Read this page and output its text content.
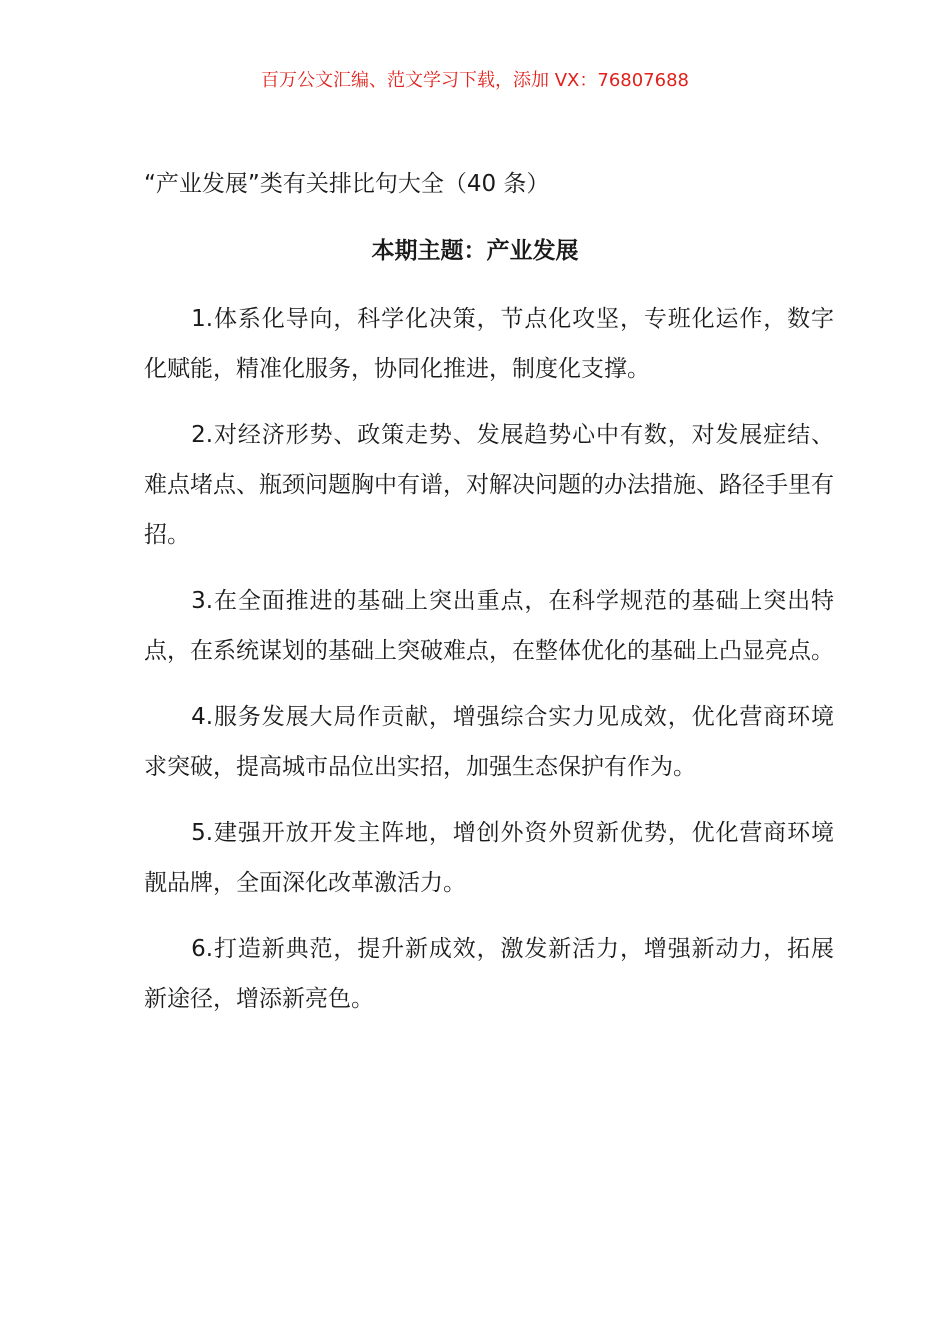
百万公文汇编、范文学习下载，添加 VX：76807688
“产业发展”类有关排比句大全（40 条）
本期主题：产业发展

1.体系化导向，科学化决策，节点化攻坚，专班化运作，数字化赋能，精准化服务，协同化推进，制度化支撑。

2.对经济形势、政策走势、发展趋势心中有数，对发展症结、难点堵点、瓶颈问题胸中有谱，对解决问题的办法措施、路径手里有招。

3.在全面推进的基础上突出重点，在科学规范的基础上突出特点，在系统谋划的基础上突破难点，在整体优化的基础上凸显亮点。

4.服务发展大局作贡献，增强综合实力见成效，优化营商环境求突破，提高城市品位出实招，加强生态保护有作为。

5.建强开放开发主阵地，增创外资外贸新优势，优化营商环境靓品牌，全面深化改革激活力。

6.打造新典范，提升新成效，激发新活力，增强新动力，拓展新途径，增添新亮色。
